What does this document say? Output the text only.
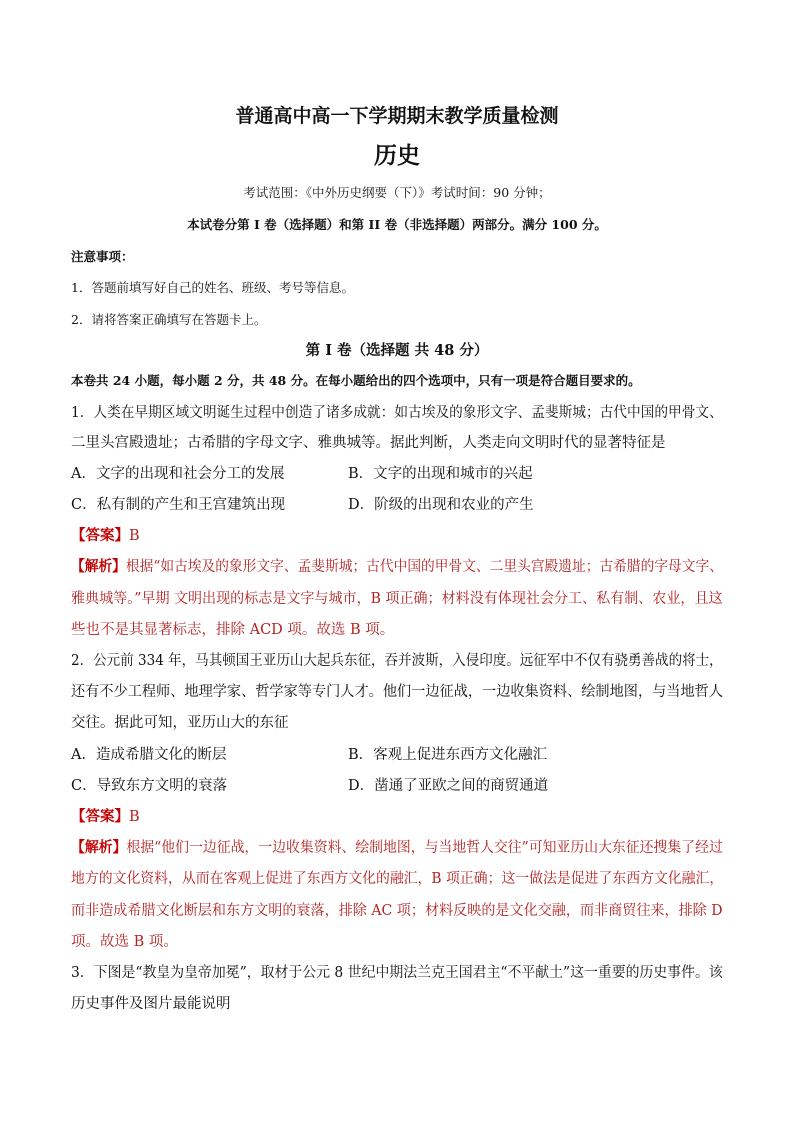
普通高中高一下学期期末教学质量检测
历史
考试范围：《中外历史纲要（下）》考试时间：90 分钟；
本试卷分第 I 卷（选择题）和第 II 卷（非选择题）两部分。满分 100 分。
注意事项：
1．答题前填写好自己的姓名、班级、考号等信息。
2．请将答案正确填写在答题卡上。
第 I 卷（选择题 共 48 分）
本卷共 24 小题，每小题 2 分，共 48 分。在每小题给出的四个选项中，只有一项是符合题目要求的。
1．人类在早期区域文明诞生过程中创造了诸多成就：如古埃及的象形文字、孟斐斯城；古代中国的甲骨文、
二里头宫殿遗址；古希腊的字母文字、雅典城等。据此判断，人类走向文明时代的显著特征是
A．文字的出现和社会分工的发展	B．文字的出现和城市的兴起
C．私有制的产生和王宫建筑出现	D．阶级的出现和农业的产生
【答案】B
【解析】根据“如古埃及的象形文字、孟斐斯城；古代中国的甲骨文、二里头宫殿遗址；古希腊的字母文字、
雅典城等。”早期 文明出现的标志是文字与城市，B 项正确；材料没有体现社会分工、私有制、农业，且这
些也不是其显著标志，排除 ACD 项。故选 B 项。
2．公元前 334 年，马其顿国王亚历山大起兵东征，吞并波斯，入侵印度。远征军中不仅有骁勇善战的将士，
还有不少工程师、地理学家、哲学家等专门人才。他们一边征战，一边收集资料、绘制地图，与当地哲人
交往。据此可知，亚历山大的东征
A．造成希腊文化的断层	B．客观上促进东西方文化融汇
C．导致东方文明的衰落	D．凿通了亚欧之间的商贸通道
【答案】B
【解析】根据“他们一边征战，一边收集资料、绘制地图，与当地哲人交往”可知亚历山大东征还搜集了经过
地方的文化资料，从而在客观上促进了东西方文化的融汇，B 项正确；这一做法是促进了东西方文化融汇，
而非造成希腊文化断层和东方文明的衰落，排除 AC 项；材料反映的是文化交融，而非商贸往来，排除 D
项。故选 B 项。
3．下图是“教皇为皇帝加冕”，取材于公元 8 世纪中期法兰克王国君主“不平献土”这一重要的历史事件。该
历史事件及图片最能说明
